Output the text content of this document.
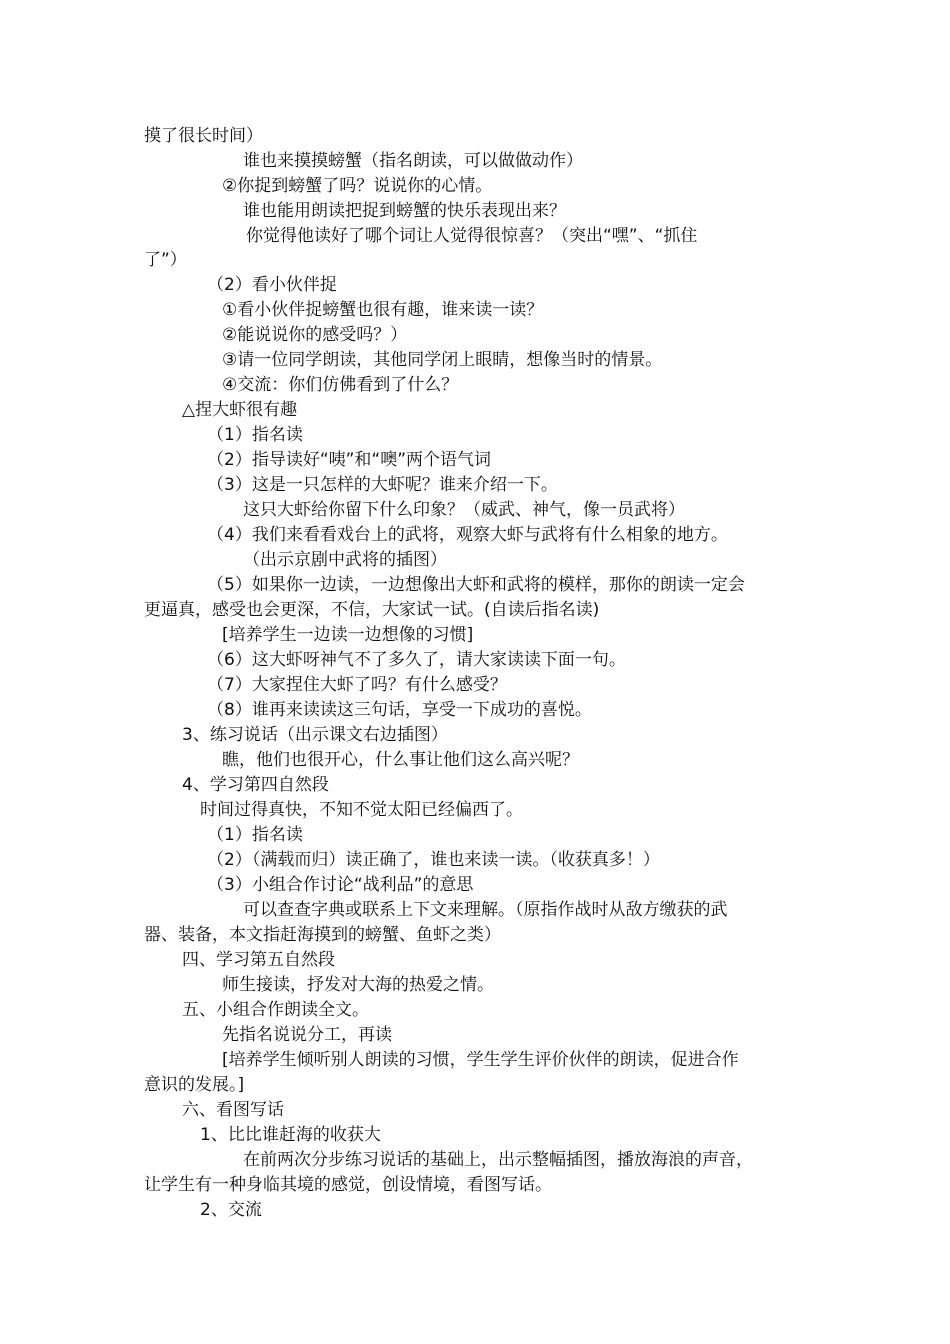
摸了很长时间）
谁也来摸摸螃蟹（指名朗读，可以做做动作）
②你捉到螃蟹了吗？说说你的心情。
谁也能用朗读把捉到螃蟹的快乐表现出来？
你觉得他读好了哪个词让人觉得很惊喜？（突出“嘿”、“抓住
了”）
（2）看小伙伴捉
①看小伙伴捉螃蟹也很有趣，谁来读一读？
②能说说你的感受吗？）
③请一位同学朗读，其他同学闭上眼睛，想像当时的情景。
④交流：你们仿佛看到了什么？
△捏大虾很有趣
（1）指名读
（2）指导读好“咦”和“噢”两个语气词
（3）这是一只怎样的大虾呢？谁来介绍一下。
这只大虾给你留下什么印象？（威武、神气，像一员武将）
（4）我们来看看戏台上的武将，观察大虾与武将有什么相象的地方。
（出示京剧中武将的插图）
（5）如果你一边读，一边想像出大虾和武将的模样，那你的朗读一定会
更逼真，感受也会更深，不信，大家试一试。(自读后指名读)
[培养学生一边读一边想像的习惯]
（6）这大虾呀神气不了多久了，请大家读读下面一句。
（7）大家捏住大虾了吗？有什么感受？
（8）谁再来读读这三句话，享受一下成功的喜悦。
3、练习说话（出示课文右边插图）
瞧，他们也很开心，什么事让他们这么高兴呢？
4、学习第四自然段
时间过得真快，不知不觉太阳已经偏西了。
（1）指名读
（2）（满载而归）读正确了，谁也来读一读。（收获真多！）
（3）小组合作讨论“战利品”的意思
可以查查字典或联系上下文来理解。（原指作战时从敌方缴获的武
器、装备，本文指赶海摸到的螃蟹、鱼虾之类）
四、学习第五自然段
师生接读，抒发对大海的热爱之情。
五、小组合作朗读全文。
先指名说说分工，再读
[培养学生倾听别人朗读的习惯，学生学生评价伙伴的朗读，促进合作
意识的发展。]
六、看图写话
1、比比谁赶海的收获大
在前两次分步练习说话的基础上，出示整幅插图，播放海浪的声音，
让学生有一种身临其境的感觉，创设情境，看图写话。
2、交流
